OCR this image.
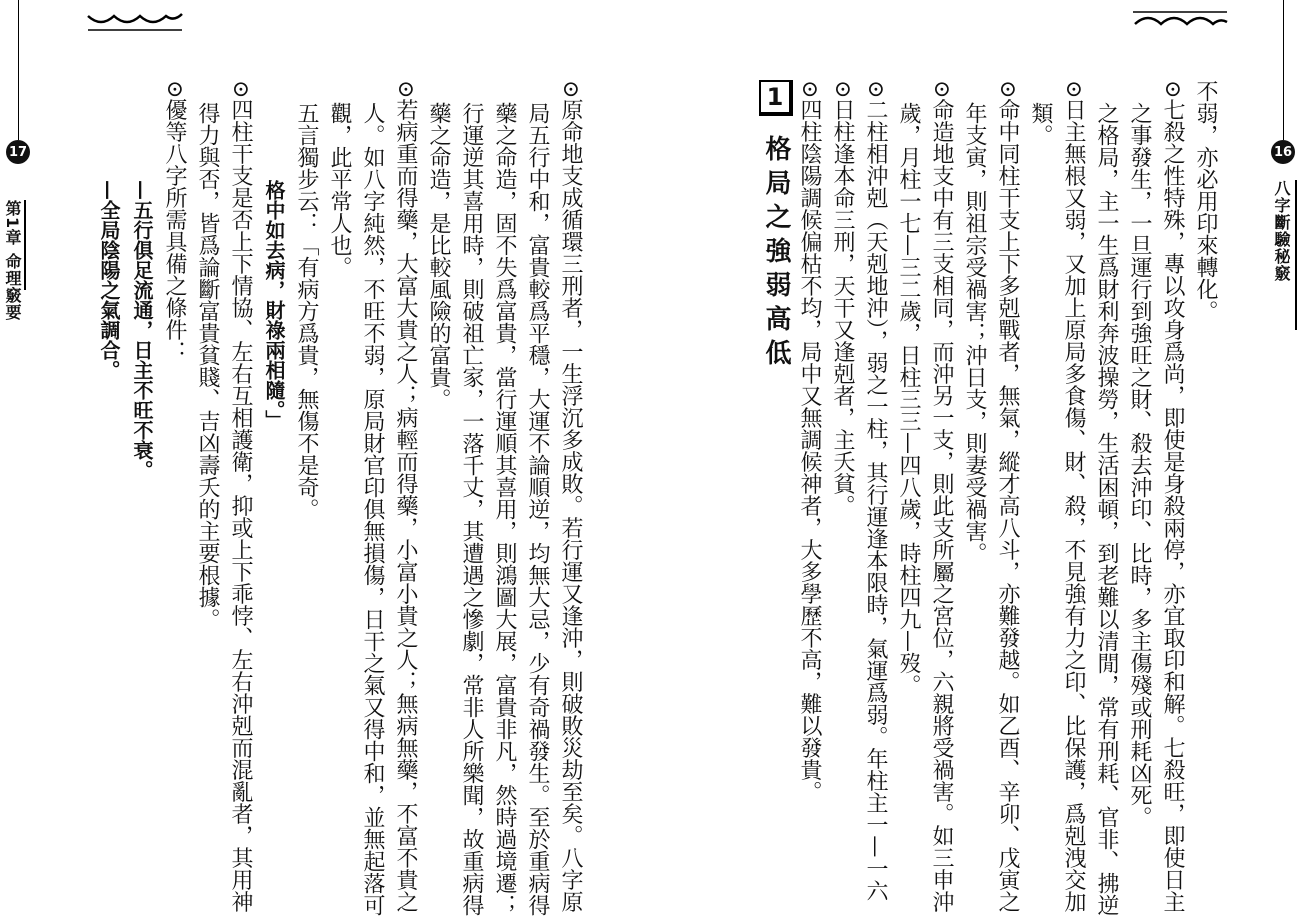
17
第1章 命理竅要	⊙原命地支成循環三刑者，一生浮沉多成敗。若行運又逢沖，則破敗災劫至矣。八字原

局五行中和，富貴較爲平穩，大運不論順逆，均無大忌，少有奇禍發生。至於重病得

藥之命造，固不失爲富貴，當行運順其喜用，則鴻圖大展，富貴非凡，然時過境遷；

行運逆其喜用時，則破祖亡家，一落千丈，其遭遇之慘劇，常非人所樂聞，故重病得

藥之命造，是比較風險的富貴。

⊙若病重而得藥，大富大貴之人；病輕而得藥，小富小貴之人；無病無藥，不富不貴之

人。如八字純然，不旺不弱，原局財官印俱無損傷，日干之氣又得中和，並無起落可

觀，此平常人也。

五言獨步云：「有病方爲貴，無傷不是奇。

格中如去病，財祿兩相隨。」

⊙四柱干支是否上下情協、左右互相護衛，抑或上下乖悖、左右沖剋而混亂者，其用神

得力與否，皆爲論斷富貴貧賤、吉凶壽夭的主要根據。

⊙優等八字所需具備之條件：

—五行俱足流通，日主不旺不衰。

—全局陰陽之氣調合。

16
八字斷驗秘竅

不弱，亦必用印來轉化。

⊙七殺之性特殊，專以攻身爲尚，即使是身殺兩停，亦宜取印和解。七殺旺，即使日主

之事發生，一旦運行到強旺之財、殺去沖印、比時，多主傷殘或刑耗凶死。

之格局，主一生爲財利奔波操勞，生活困頓，到老難以清閒，常有刑耗、官非、拂逆

⊙日主無根又弱，又加上原局多食傷、財、殺，不見強有力之印、比保護，爲剋洩交加

類。

⊙命中同柱干支上下多剋戰者，無氣，縱才高八斗，亦難發越。如乙酉、辛卯、戊寅之

年支寅，則祖宗受禍害；沖日支，則妻受禍害。

⊙命造地支中有三支相同，而沖另一支，則此支所屬之宮位，六親將受禍害。如三申沖

歲，月柱一七—三二歲，日柱三三—四八歲，時柱四九—歿。

⊙二柱相沖剋（天剋地沖），弱之一柱，其行運逢本限時，氣運爲弱。年柱主一—一六

⊙日柱逢本命三刑，天干又逢剋者，主夭貧。

⊙四柱陰陽調候偏枯不均，局中又無調候神者，大多學歷不高，難以發貴。

1 格局之強弱高低
